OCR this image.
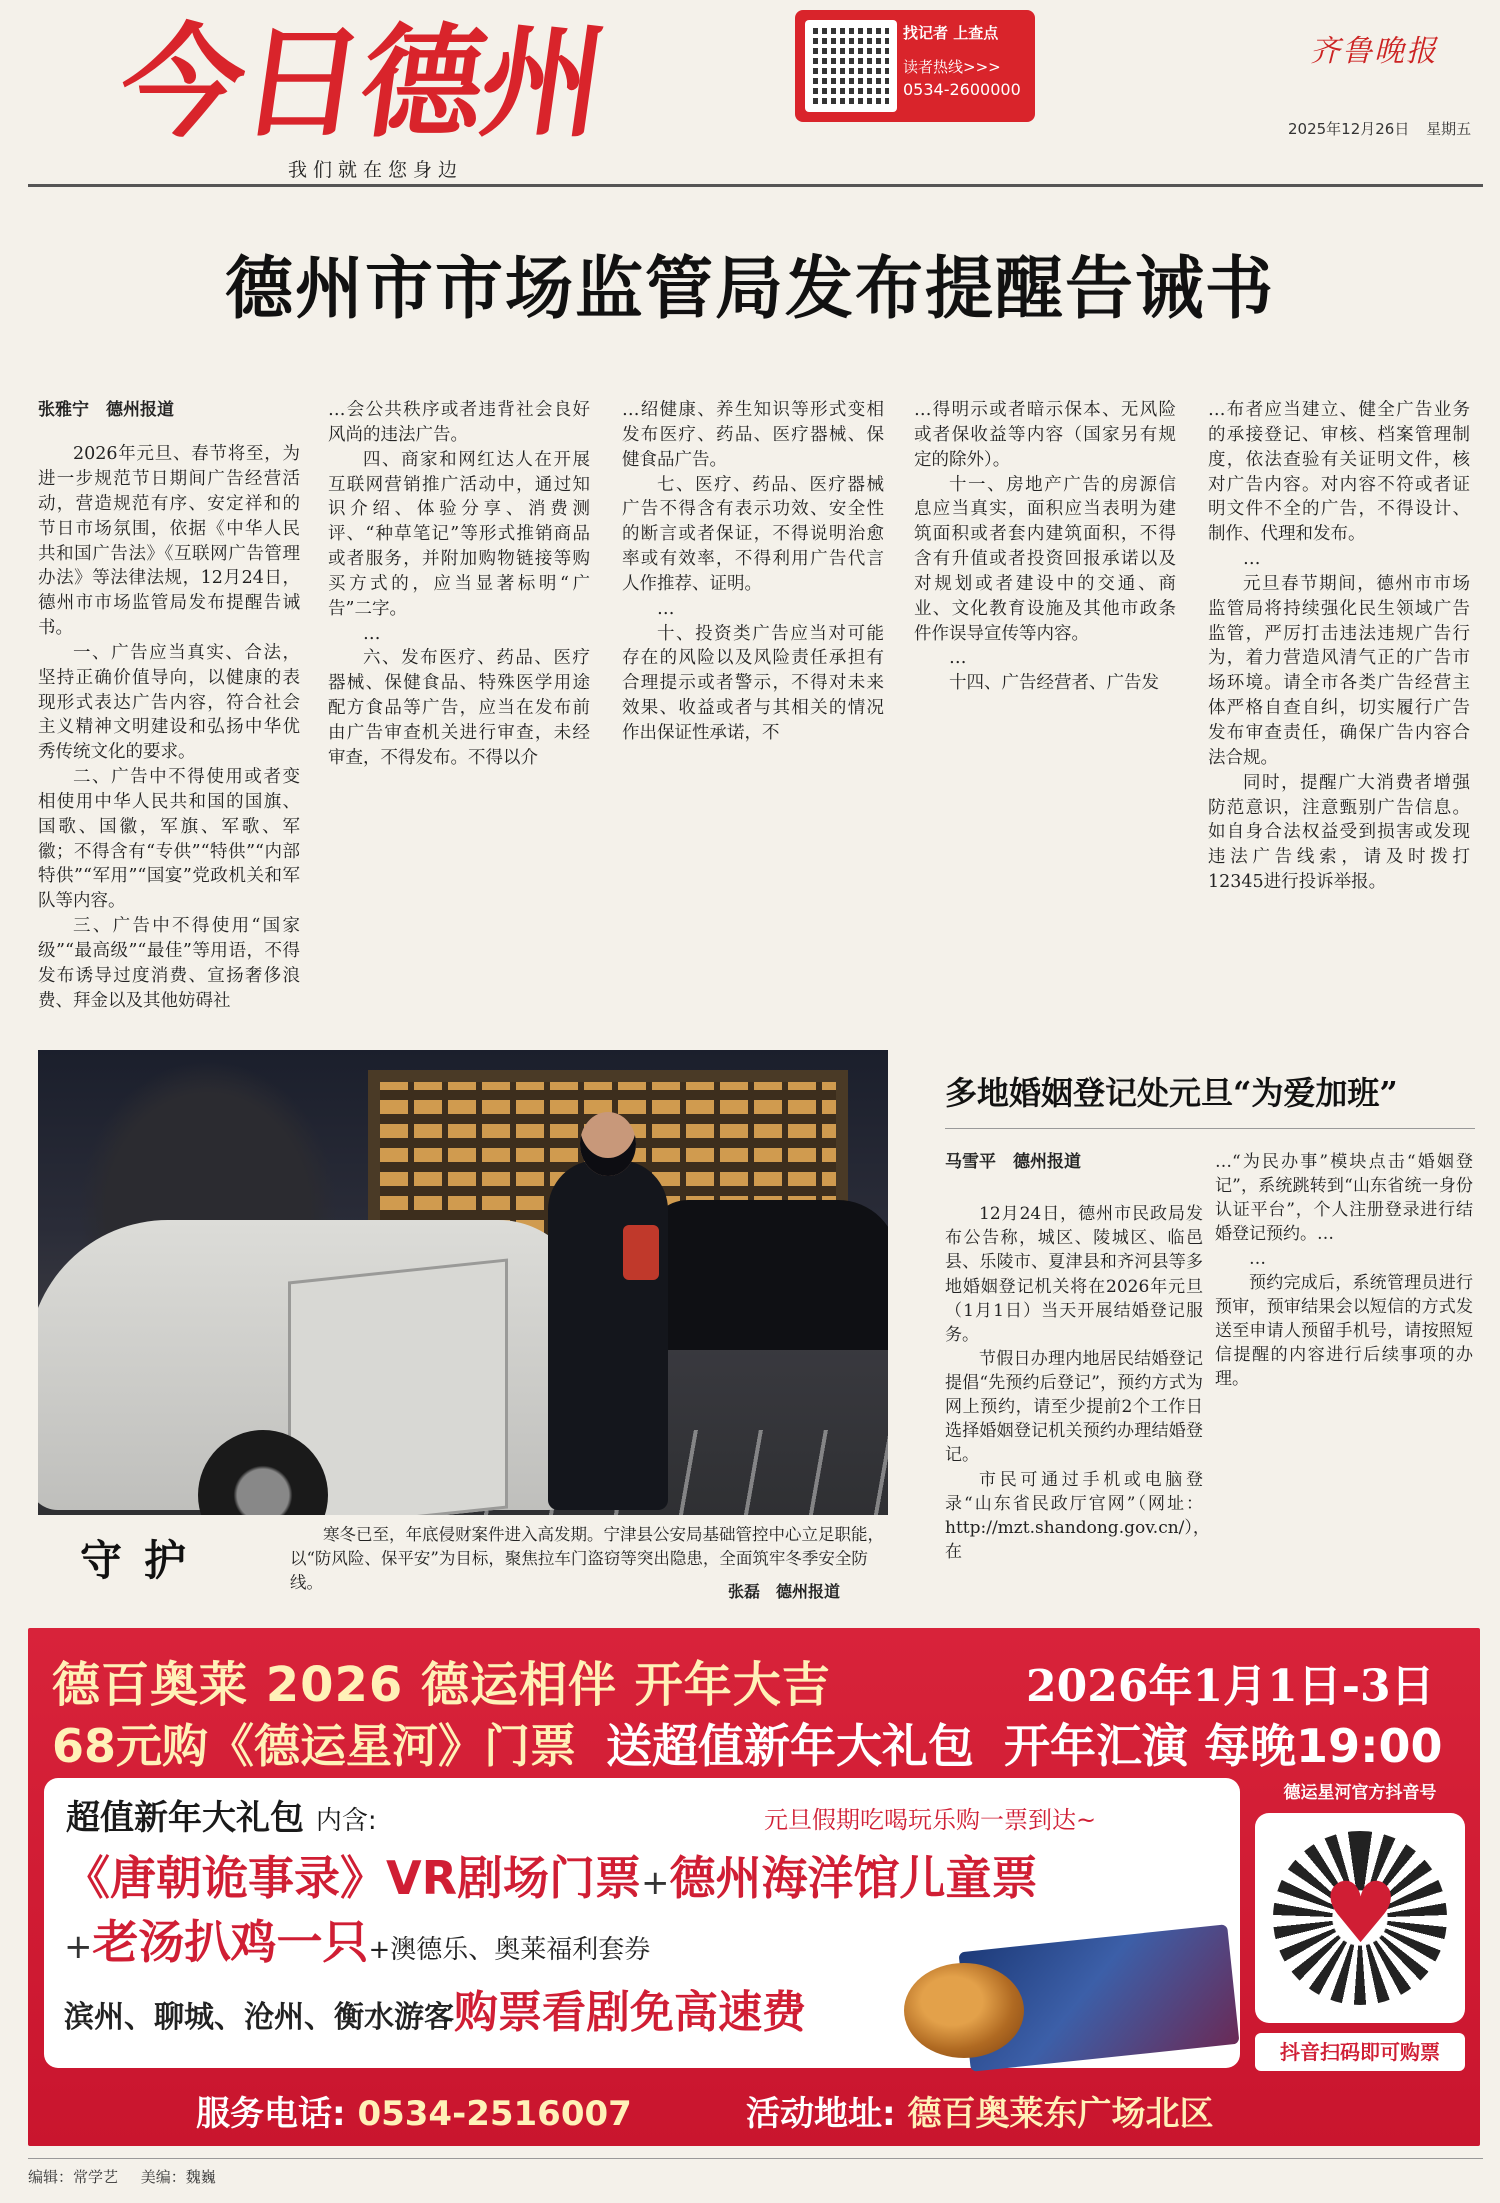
今日德州
我们就在您身边
找记者 上查点
读者热线>>>
0534-2600000
齐鲁晚报
2025年12月26日 星期五
德州市市场监管局发布提醒告诫书

张雅宁　德州报道

2026年元旦、春节将至，为进一步规范节日期间广告经营活动，营造规范有序、安定祥和的节日市场氛围，依据《中华人民共和国广告法》《互联网广告管理办法》等法律法规，12月24日，德州市市场监管局发布提醒告诫书。

一、广告应当真实、合法，坚持正确价值导向，以健康的表现形式表达广告内容，符合社会主义精神文明建设和弘扬中华优秀传统文化的要求。

二、广告中不得使用或者变相使用中华人民共和国的国旗、国歌、国徽，军旗、军歌、军徽；不得含有“专供”“特供”“内部特供”“军用”“国宴”党政机关和军队等内容。

三、广告中不得使用“国家级”“最高级”“最佳”等用语，不得发布诱导过度消费、宣扬奢侈浪费、拜金以及其他妨碍社

…会公共秩序或者违背社会良好风尚的违法广告。

四、商家和网红达人在开展互联网营销推广活动中，通过知识介绍、体验分享、消费测评、“种草笔记”等形式推销商品或者服务，并附加购物链接等购买方式的，应当显著标明“广告”二字。

…

六、发布医疗、药品、医疗器械、保健食品、特殊医学用途配方食品等广告，应当在发布前由广告审查机关进行审查，未经审查，不得发布。不得以介

…绍健康、养生知识等形式变相发布医疗、药品、医疗器械、保健食品广告。

七、医疗、药品、医疗器械广告不得含有表示功效、安全性的断言或者保证，不得说明治愈率或有效率，不得利用广告代言人作推荐、证明。

…

十、投资类广告应当对可能存在的风险以及风险责任承担有合理提示或者警示，不得对未来效果、收益或者与其相关的情况作出保证性承诺，不

…得明示或者暗示保本、无风险或者保收益等内容（国家另有规定的除外）。

十一、房地产广告的房源信息应当真实，面积应当表明为建筑面积或者套内建筑面积，不得含有升值或者投资回报承诺以及对规划或者建设中的交通、商业、文化教育设施及其他市政条件作误导宣传等内容。

…

十四、广告经营者、广告发

…布者应当建立、健全广告业务的承接登记、审核、档案管理制度，依法查验有关证明文件，核对广告内容。对内容不符或者证明文件不全的广告，不得设计、制作、代理和发布。

…

元旦春节期间，德州市市场监管局将持续强化民生领域广告监管，严厉打击违法违规广告行为，着力营造风清气正的广告市场环境。请全市各类广告经营主体严格自查自纠，切实履行广告发布审查责任，确保广告内容合法合规。

同时，提醒广大消费者增强防范意识，注意甄别广告信息。如自身合法权益受到损害或发现违法广告线索，请及时拨打12345进行投诉举报。

守护
寒冬已至，年底侵财案件进入高发期。宁津县公安局基础管控中心立足职能，以“防风险、保平安”为目标，聚焦拉车门盗窃等突出隐患，全面筑牢冬季安全防线。	张磊　德州报道
多地婚姻登记处元旦“为爱加班”

马雪平　德州报道

12月24日，德州市民政局发布公告称，城区、陵城区、临邑县、乐陵市、夏津县和齐河县等多地婚姻登记机关将在2026年元旦（1月1日）当天开展结婚登记服务。

节假日办理内地居民结婚登记提倡“先预约后登记”，预约方式为网上预约，请至少提前2个工作日选择婚姻登记机关预约办理结婚登记。

市民可通过手机或电脑登录“山东省民政厅官网”（网址：http://mzt.shandong.gov.cn/），在

…“为民办事”模块点击“婚姻登记”，系统跳转到“山东省统一身份认证平台”，个人注册登录进行结婚登记预约。…

…

预约完成后，系统管理员进行预审，预审结果会以短信的方式发送至申请人预留手机号，请按照短信提醒的内容进行后续事项的办理。

德百奥莱 2026 德运相伴 开年大吉	2026年1月1日-3日
68元购《德运星河》门票 送超值新年大礼包 开年汇演 每晚19:00
超值新年大礼包 内含:	元旦假期吃喝玩乐购一票到达~
《唐朝诡事录》VR剧场门票+德州海洋馆儿童票
+老汤扒鸡一只+澳德乐、奥莱福利套券
滨州、聊城、沧州、衡水游客购票看剧免高速费
德运星河官方抖音号
♥
抖音扫码即可购票
服务电话: 0534-2516007	活动地址: 德百奥莱东广场北区
编辑：常学艺 美编：魏巍
